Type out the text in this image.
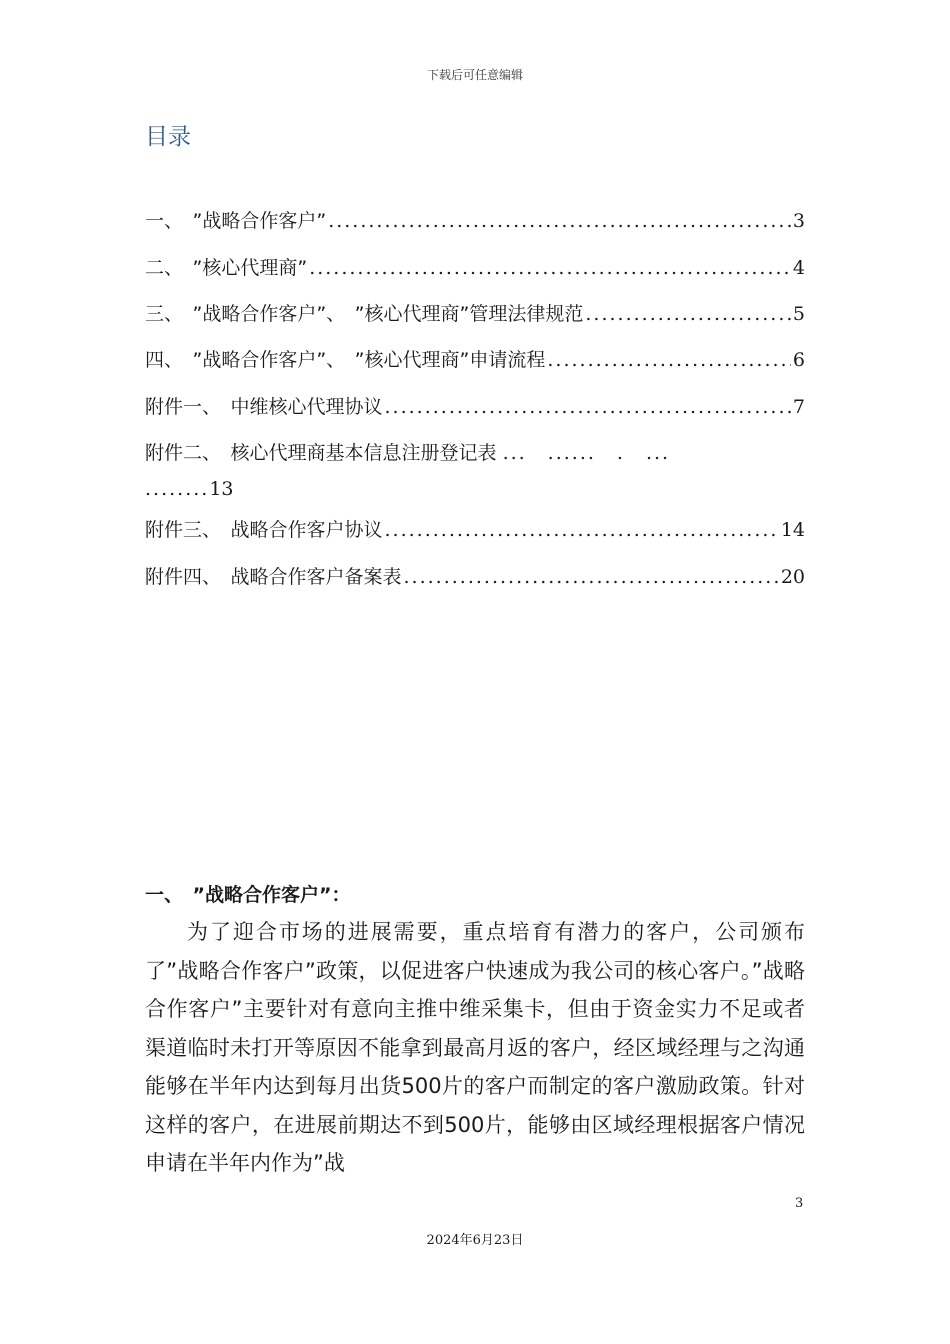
下载后可任意编辑
目录
一、　”战略合作客户” .....	3
二、　”核心代理商” .....	4
三、　”战略合作客户”、　”核心代理商”管理法律规范 .....	5
四、　”战略合作客户”、　”核心代理商”申请流程 .....	6
附件一、　中维核心代理协议 .....	7
附件二、　核心代理商基本信息注册登记表 ...　......　.　...
........13
附件三、　战略合作客户协议 .....	14
附件四、　战略合作客户备案表 .....	20
一、　”战略合作客户”：

为了迎合市场的进展需要，重点培育有潜力的客户，公司颁布了”战略合作客户”政策，以促进客户快速成为我公司的核心客户。”战略合作客户”主要针对有意向主推中维采集卡，但由于资金实力不足或者渠道临时未打开等原因不能拿到最高月返的客户，经区域经理与之沟通能够在半年内达到每月出货500片的客户而制定的客户激励政策。针对这样的客户，在进展前期达不到500片，能够由区域经理根据客户情况申请在半年内作为”战

3
2024年6月23日
